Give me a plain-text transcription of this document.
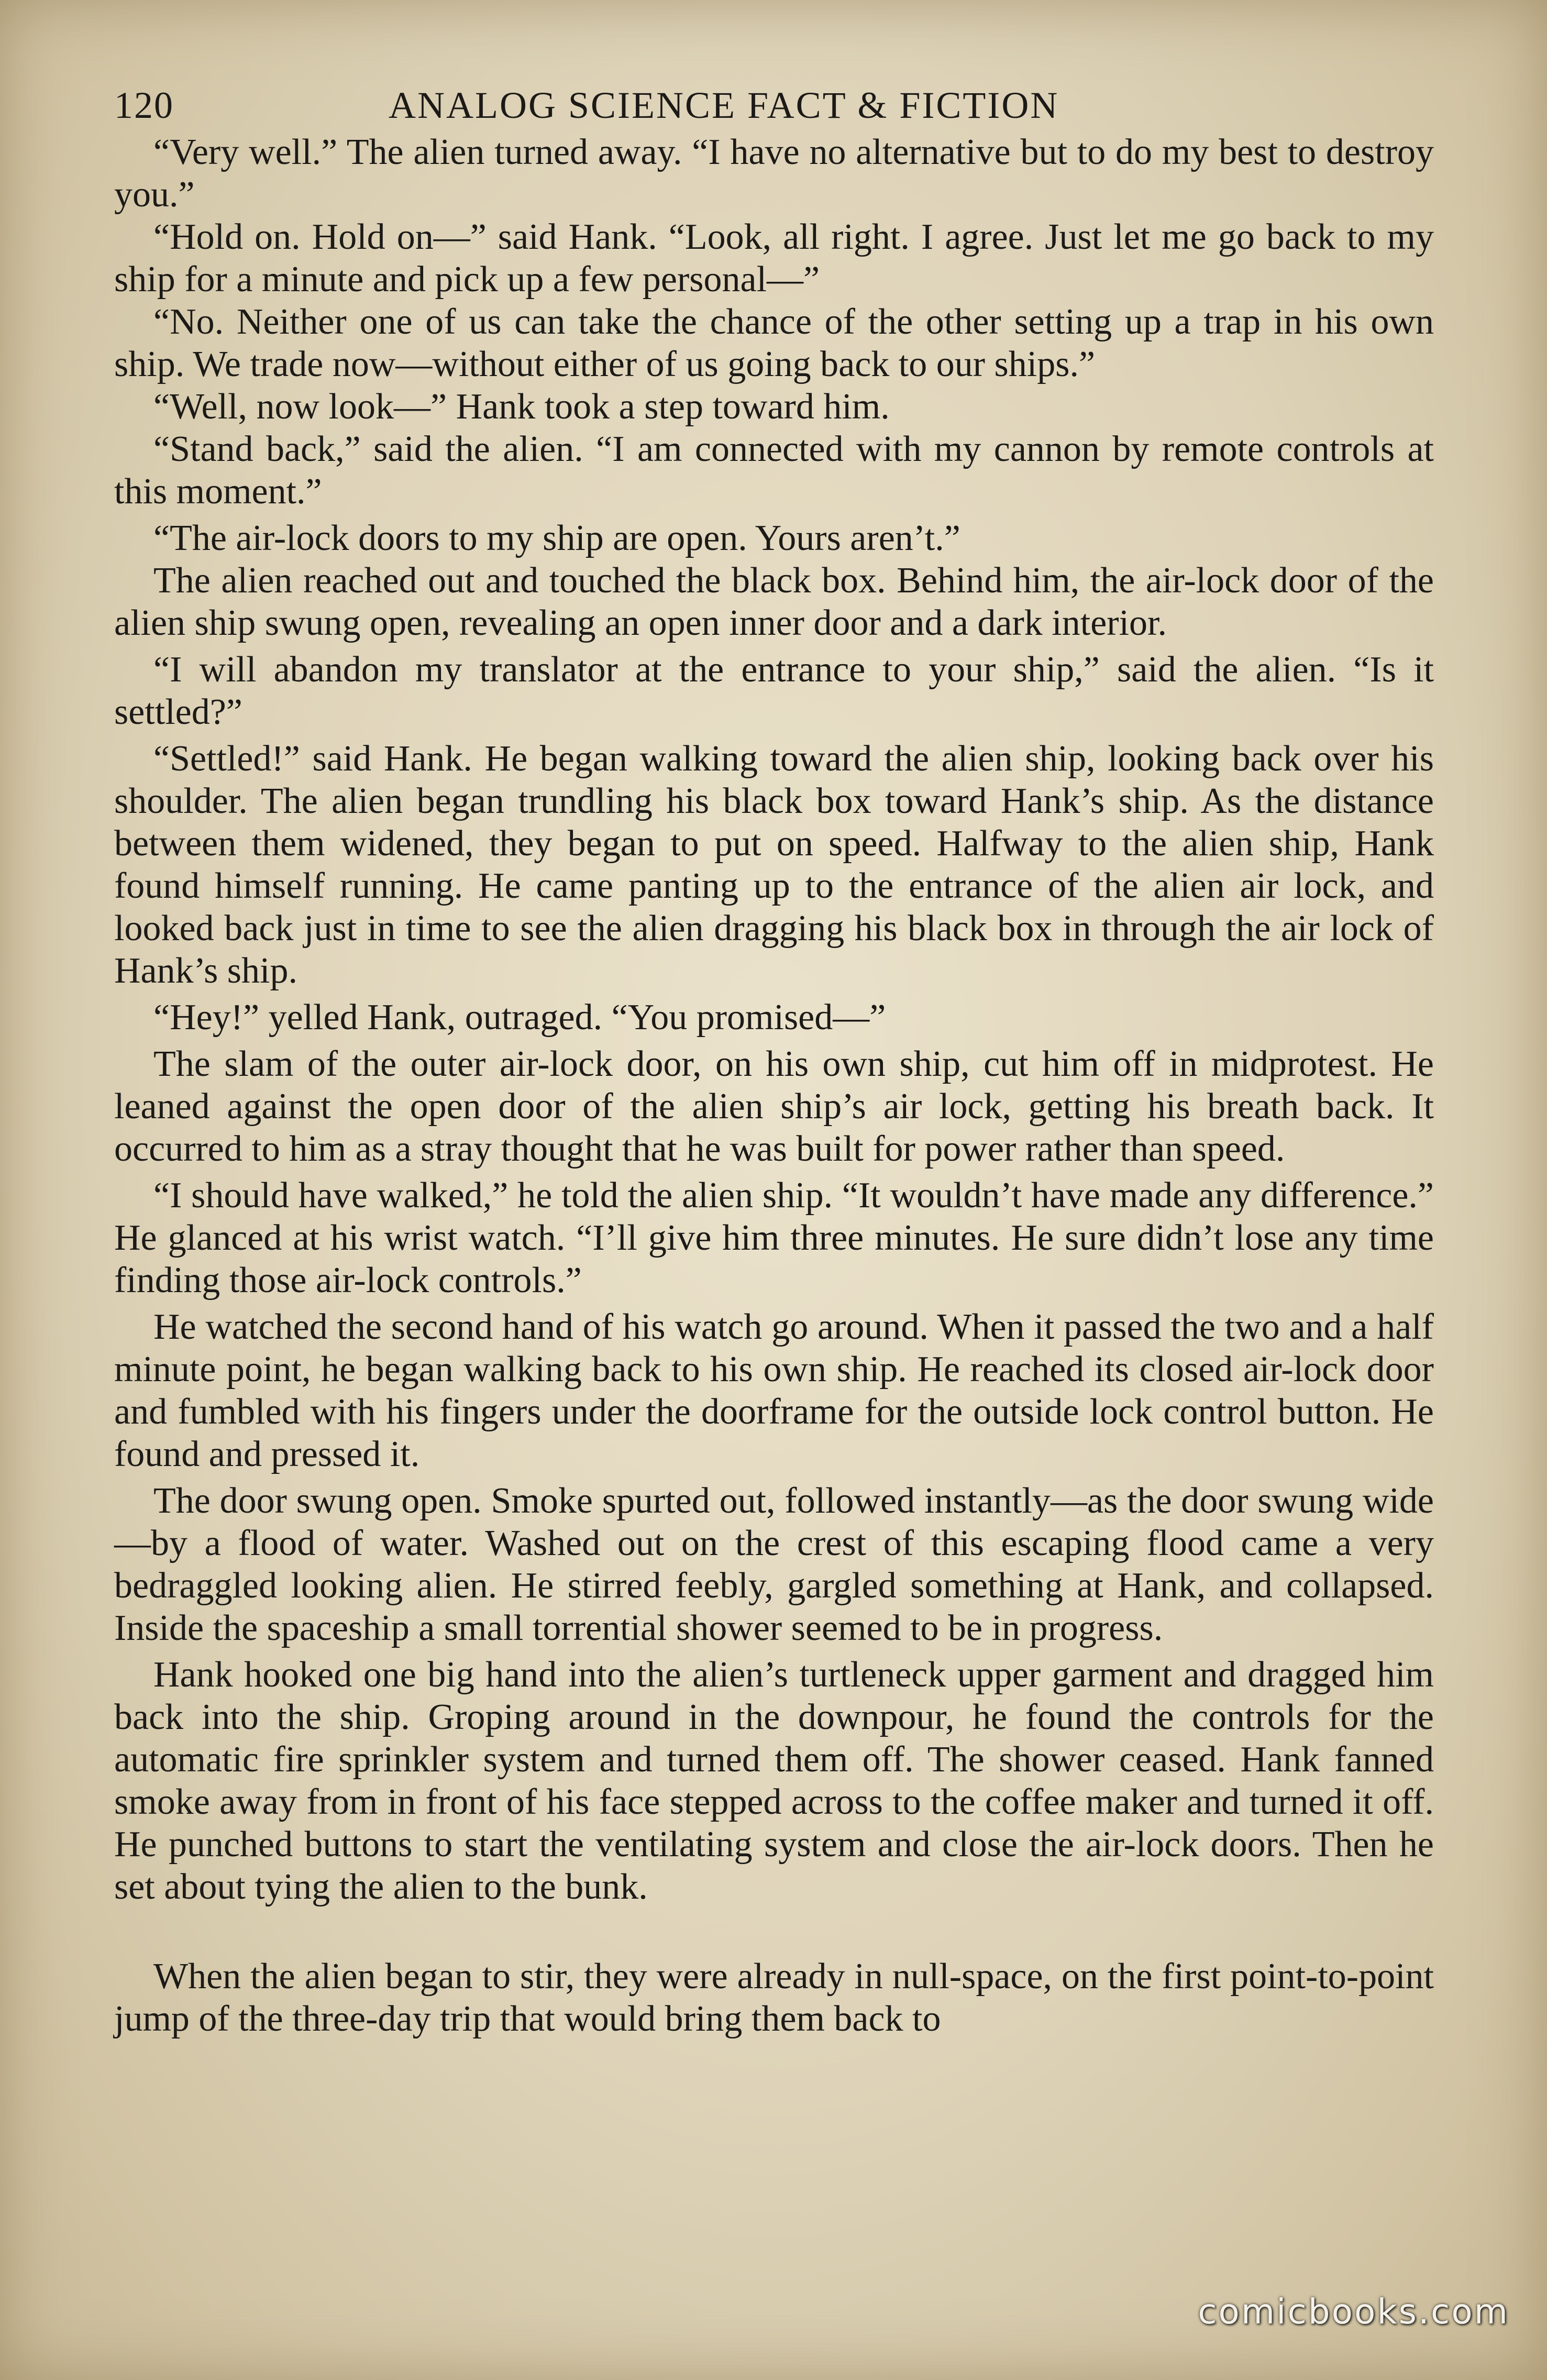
120	ANALOG SCIENCE FACT & FICTION

“Very well.” The alien turned away. “I have no alternative but to do my best to destroy you.”

“Hold on. Hold on—” said Hank. “Look, all right. I agree. Just let me go back to my ship for a minute and pick up a few personal—”

“No. Neither one of us can take the chance of the other setting up a trap in his own ship. We trade now—without either of us going back to our ships.”

“Well, now look—” Hank took a step toward him.

“Stand back,” said the alien. “I am connected with my cannon by remote controls at this moment.”

“The air-lock doors to my ship are open. Yours aren’t.”

The alien reached out and touched the black box. Behind him, the air-lock door of the alien ship swung open, revealing an open inner door and a dark interior.

“I will abandon my translator at the entrance to your ship,” said the alien. “Is it settled?”

“Settled!” said Hank. He began walking toward the alien ship, looking back over his shoulder. The alien began trundling his black box toward Hank’s ship. As the distance between them widened, they began to put on speed. Halfway to the alien ship, Hank found himself running. He came panting up to the entrance of the alien air lock, and looked back just in time to see the alien dragging his black box in through the air lock of Hank’s ship.

“Hey!” yelled Hank, outraged. “You promised—”

The slam of the outer air-lock door, on his own ship, cut him off in midprotest. He leaned against the open door of the alien ship’s air lock, getting his breath back. It occurred to him as a stray thought that he was built for power rather than speed.

“I should have walked,” he told the alien ship. “It wouldn’t have made any difference.” He glanced at his wrist watch. “I’ll give him three minutes. He sure didn’t lose any time finding those air-lock controls.”

He watched the second hand of his watch go around. When it passed the two and a half minute point, he began walking back to his own ship. He reached its closed air-lock door and fumbled with his fingers under the doorframe for the outside lock control button. He found and pressed it.

The door swung open. Smoke spurted out, followed instantly—as the door swung wide—by a flood of water. Washed out on the crest of this escaping flood came a very bedraggled looking alien. He stirred feebly, gargled something at Hank, and collapsed. Inside the spaceship a small torrential shower seemed to be in progress.

Hank hooked one big hand into the alien’s turtleneck upper garment and dragged him back into the ship. Groping around in the downpour, he found the controls for the automatic fire sprinkler system and turned them off. The shower ceased. Hank fanned smoke away from in front of his face stepped across to the coffee maker and turned it off. He punched buttons to start the ventilating system and close the air-lock doors. Then he set about tying the alien to the bunk.

When the alien began to stir, they were already in null-space, on the first point-to-point jump of the three-day trip that would bring them back to

comicbooks.com
